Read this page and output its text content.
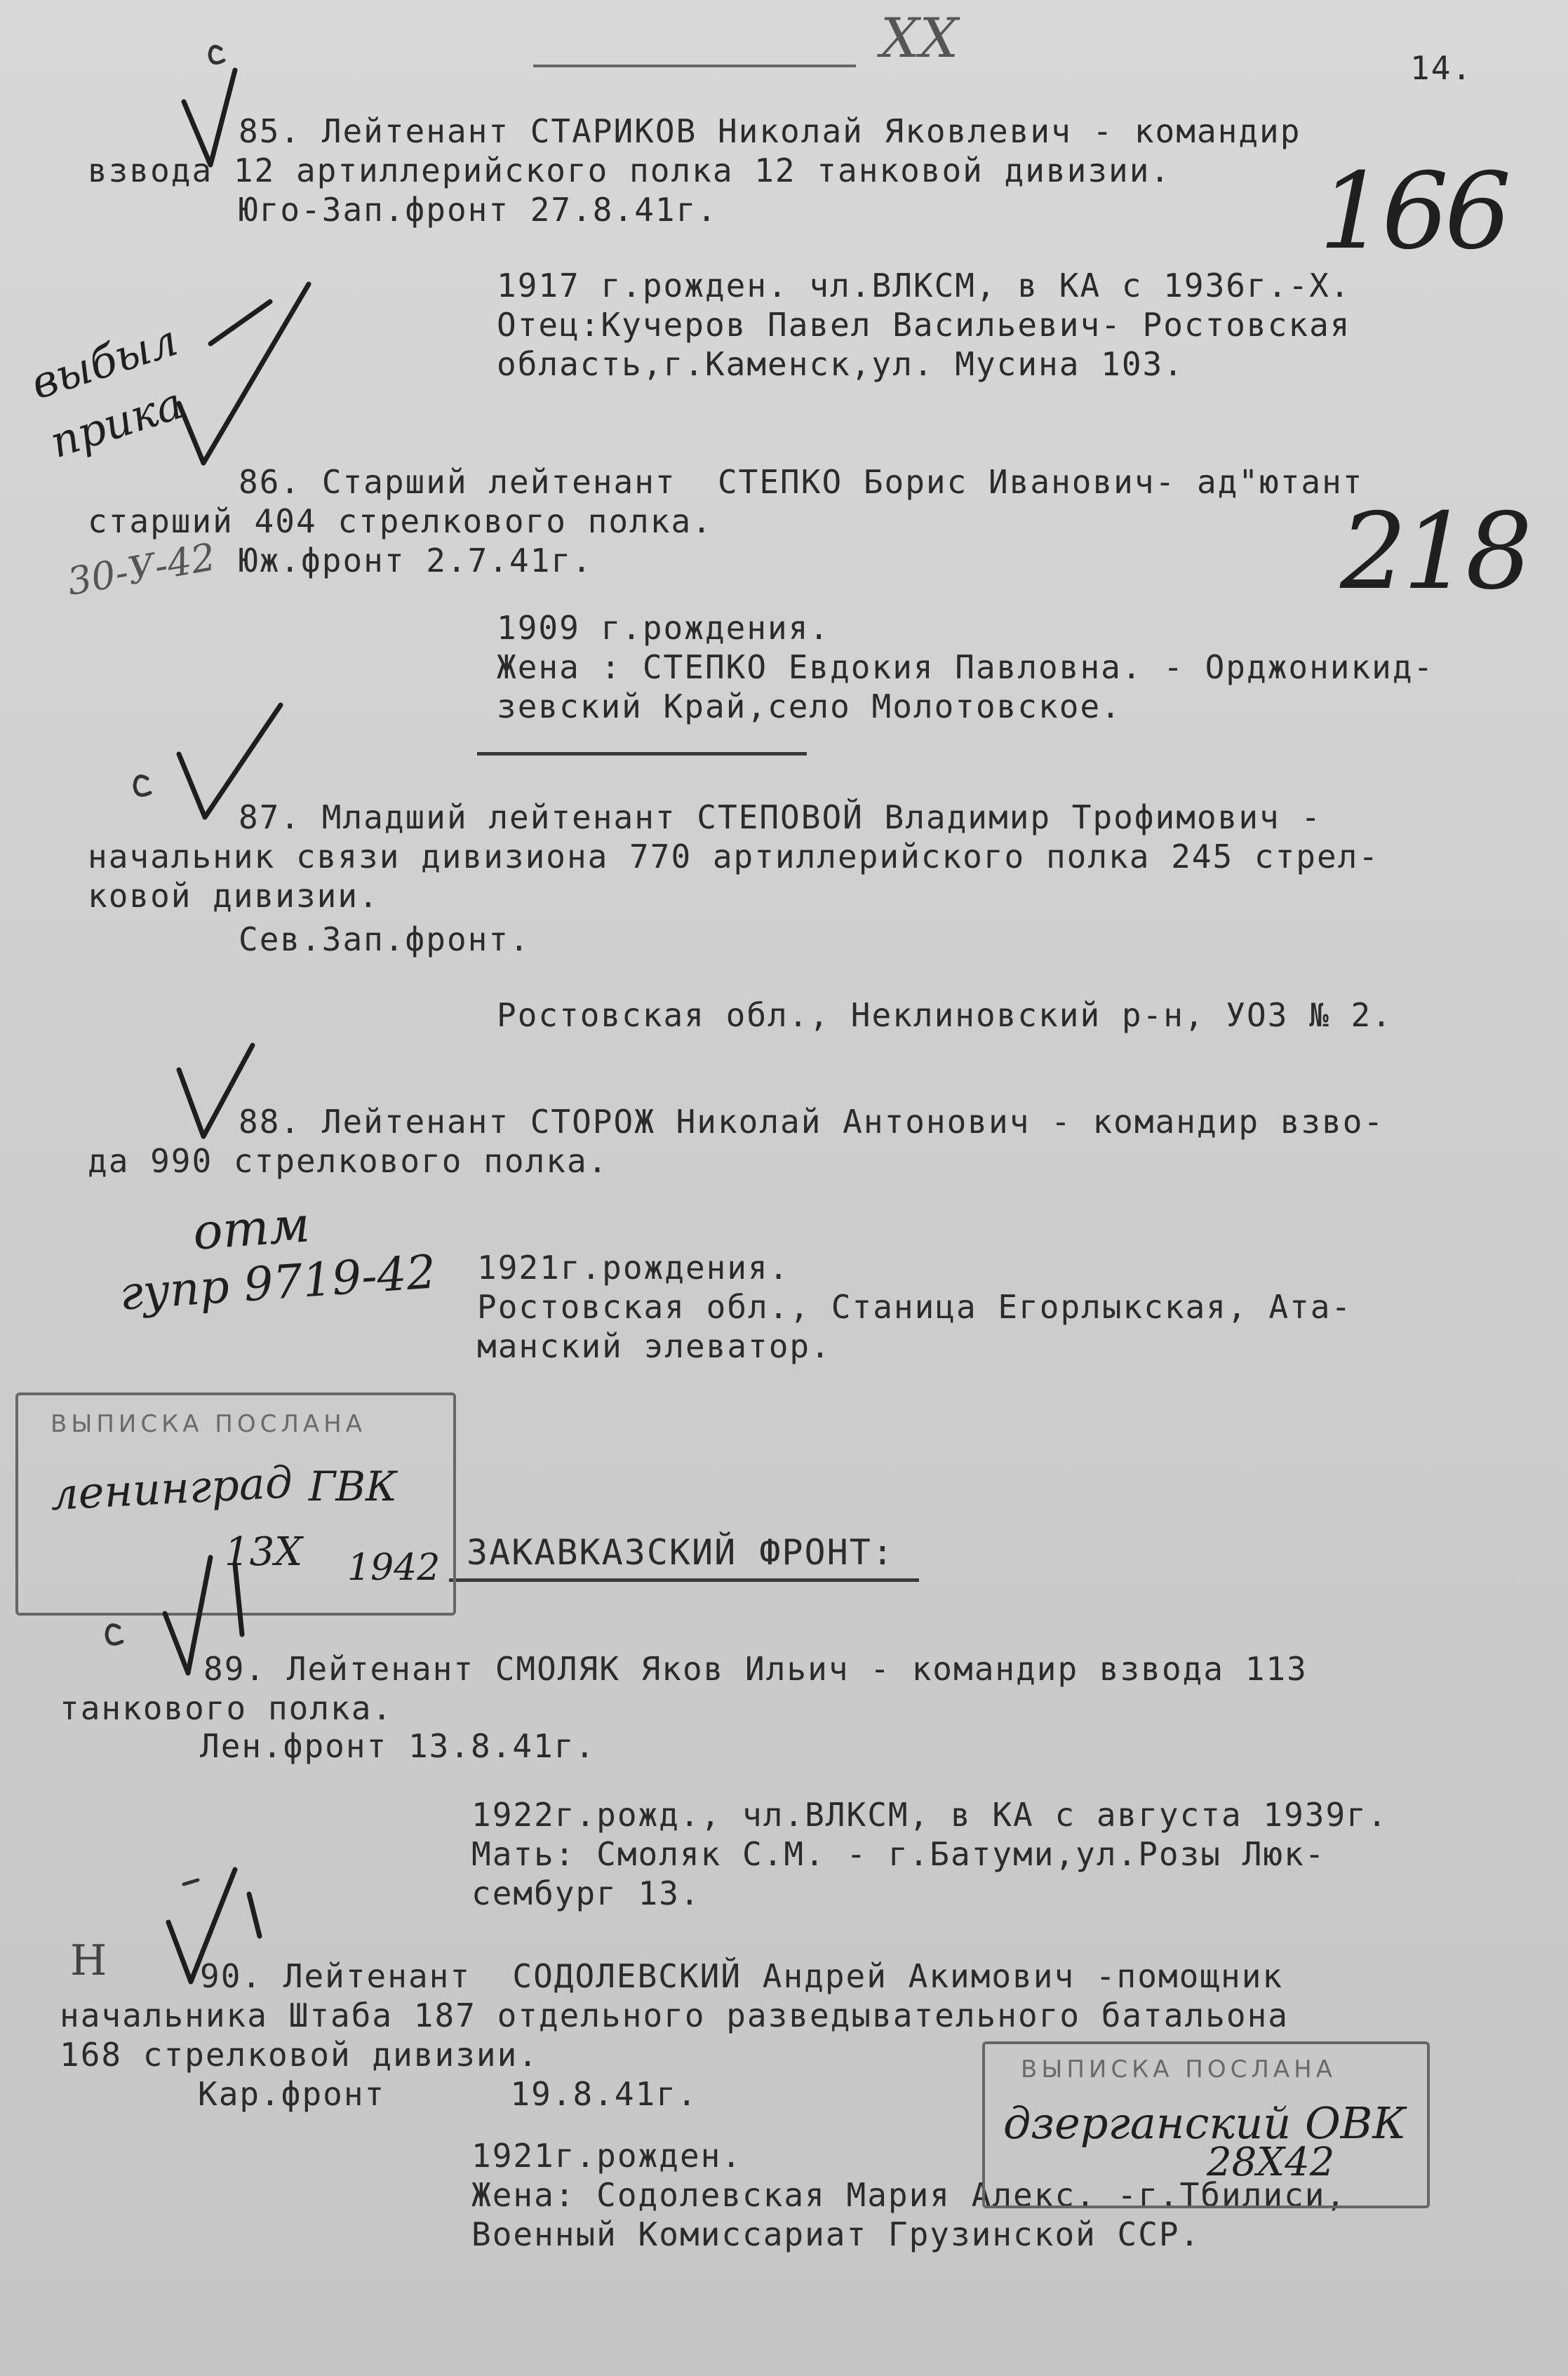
14.
XX
85. Лейтенант СТАРИКОВ Николай Яковлевич - командир
взвода 12 артиллерийского полка 12 танковой дивизии.
Юго-Зап.фронт 27.8.41г.
1917 г.рожден. чл.ВЛКСМ, в КА с 1936г.-Х.
Отец:Кучеров Павел Васильевич- Ростовская
область,г.Каменск,ул. Мусина 103.
86. Старший лейтенант  СТЕПКО Борис Иванович- ад"ютант
старший 404 стрелкового полка.
Юж.фронт 2.7.41г.
1909 г.рождения.
Жена : СТЕПКО Евдокия Павловна. - Орджоникид-
зевский Край,село Молотовское.
87. Младший лейтенант СТЕПОВОЙ Владимир Трофимович -
начальник связи дивизиона 770 артиллерийского полка 245 стрел-
ковой дивизии.
Сев.Зап.фронт.
Ростовская обл., Неклиновский р-н, УОЗ № 2.
88. Лейтенант СТОРОЖ Николай Антонович - командир взво-
да 990 стрелкового полка.
1921г.рождения.
Ростовская обл., Станица Егорлыкская, Ата-
манский элеватор.
ЗАКАВКАЗСКИЙ ФРОНТ:
ВЫПИСКА ПОСЛАНА
89. Лейтенант СМОЛЯК Яков Ильич - командир взвода 113
танкового полка.
Лен.фронт 13.8.41г.
1922г.рожд., чл.ВЛКСМ, в КА с августа 1939г.
Мать: Смоляк С.М. - г.Батуми,ул.Розы Люк-
сембург 13.
90. Лейтенант  СОДОЛЕВСКИЙ Андрей Акимович -помощник
начальника Штаба 187 отдельного разведывательного батальона
168 стрелковой дивизии.
Кар.фронт      19.8.41г.
1921г.рожден.
Жена: Содолевская Мария Алекс. -г.Тбилиси,
Военный Комиссариат Грузинской ССР.
ВЫПИСКА ПОСЛАНА
166
218
выбыл
прика
30-У-42
отм
гупр 9719-42
ленинград ГВК
13Х 1942
Н
дзерганский ОВК
28Х42
